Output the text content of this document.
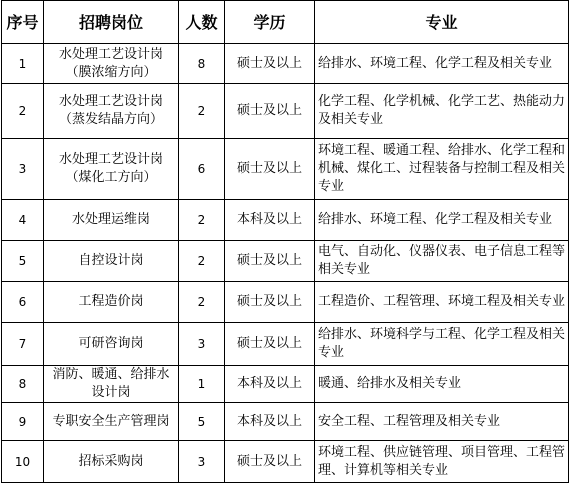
序号	招聘岗位	人数	学历	专业
1	水处理工艺设计岗（膜浓缩方向）	8	硕士及以上	给排水、环境工程、化学工程及相关专业
2	水处理工艺设计岗（蒸发结晶方向）	2	硕士及以上	化学工程、化学机械、化学工艺、热能动力及相关专业
3	水处理工艺设计岗（煤化工方向）	6	硕士及以上	环境工程、暖通工程、给排水、化学工程和机械、煤化工、过程装备与控制工程及相关专业
4	水处理运维岗	2	本科及以上	给排水、环境工程、化学工程及相关专业
5	自控设计岗	2	硕士及以上	电气、自动化、仪器仪表、电子信息工程等相关专业
6	工程造价岗	2	硕士及以上	工程造价、工程管理、环境工程及相关专业
7	可研咨询岗	3	硕士及以上	给排水、环境科学与工程、化学工程及相关专业
8	消防、暖通、给排水设计岗	1	本科及以上	暖通、给排水及相关专业
9	专职安全生产管理岗	5	本科及以上	安全工程、工程管理及相关专业
10	招标采购岗	3	硕士及以上	环境工程、供应链管理、项目管理、工程管理、计算机等相关专业
